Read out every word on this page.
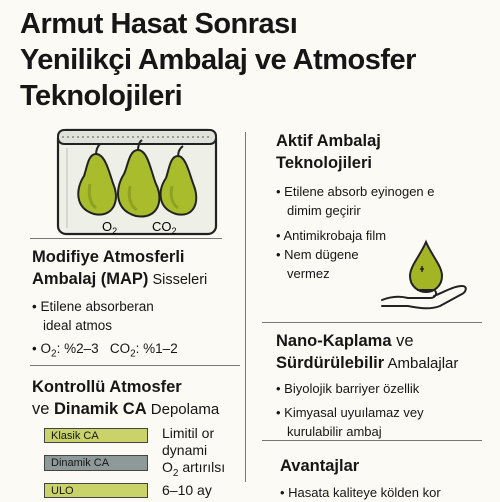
Armut Hasat Sonrası
Yenilikçi Ambalaj ve Atmosfer
Teknolojileri
$O_2$	$CO_2$
Modifiye Atmosferli
Ambalaj (MAP) Sisseleri
• Etilene absorberan
ideal atmos
• $O_2$: %2–3 $CO_2$: %1–2
Kontrollü Atmosfer
ve Dinamik CA Depolama
Klasik CA
Dinamik CA
ULO
Limitil or
dynami
$O_2$ artırılsı
6–10 ay
Aktif Ambalaj
Teknolojileri
• Etilene absorb eyinogen e
dimim geçirir
• Antimikrobaja film
• Nem dügene
vermez
Nano-Kaplama ve
Sürdürülebilir Ambalajlar
• Biyolojik barriyer özellik
• Kimyasal uyuılamaz vey
kurulabilir ambaj
Avantajlar
• Hasata kaliteye kölden kor
